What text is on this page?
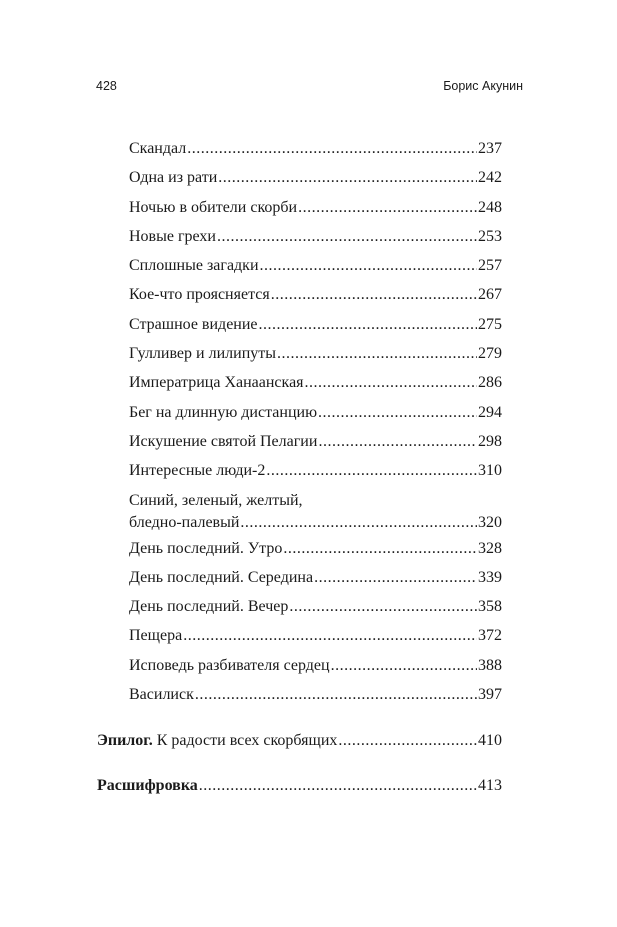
428	Борис Акунин
Скандал .....	237
Одна из рати .....	242
Ночью в обители скорби .....	248
Новые грехи .....	253
Сплошные загадки .....	257
Кое-что проясняется .....	267
Страшное видение .....	275
Гулливер и лилипуты .....	279
Императрица Ханаанская .....	286
Бег на длинную дистанцию .....	294
Искушение святой Пелагии .....	298
Интересные люди-2 .....	310
Синий, зеленый, желтый,
бледно-палевый .....	320
День последний. Утро .....	328
День последний. Середина .....	339
День последний. Вечер .....	358
Пещера .....	372
Исповедь разбивателя сердец .....	388
Василиск .....	397
Эпилог. К радости всех скорбящих .....	410
Расшифровка .....	413
